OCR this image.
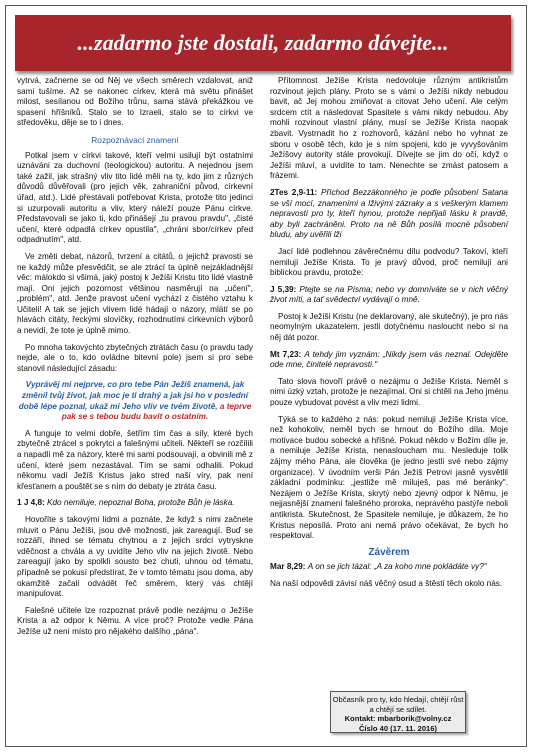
...zadarmo jste dostali, zadarmo dávejte...

vytrvá, začneme se od Něj ve všech směrech vzdalovat, aniž sami tušíme. Až se nakonec církev, která má světu přinášet milost, sesílanou od Božího trůnu, sama stává překážkou ve spasení hříšníků. Stalo se to Izraeli, stalo se to církvi ve středověku, děje se to i dnes.

Rozpoznávací znamení

Potkal jsem v církvi takové, kteří velmi usilují být ostatními uznáváni za duchovní (teologickou) autoritu. A nejednou jsem také zažil, jak strašný vliv tito lidé měli na ty, kdo jim z různých důvodů důvěřovali (pro jejich věk, zahraniční původ, církevní úřad, atd.). Lidé přestávali potřebovat Krista, protože tito jedinci si uzurpovali autoritu a vliv, který náleží pouze Pánu církve. Představovali se jako ti, kdo přinášejí „tu pravou pravdu", „čisté učení, které odpadlá církev opustila", „chráni sbor/církev před odpadnutím", atd.

Ve změti debat, názorů, tvrzení a citátů, o jejichž pravosti se ne každý může přesvědčit, se ale ztrácí ta úplně nejzákladnější věc: málokdo si všimá, jaký postoj k Ježíši Kristu tito lidé vlastně mají. Oni jejich pozornost většinou nasměrují na „učení", „problém", atd. Jenže pravost učení vychází z čistého vztahu k Učiteli! A tak se jejich vlivem lidé hádají o názory, mlátí se po hlavách citáty, řeckými slovíčky, rozhodnutími církevních výborů a nevidí, že tote je úplně mimo.

Po mnoha takovýchto zbytečných ztrátách času (o pravdu tady nejde, ale o to, kdo ovládne bitevní pole) jsem si pro sebe stanovil následující zásadu:

Vyprávěj mi nejprve, co pro tebe Pán Ježíš znamená, jak změnil tvůj život, jak moc je ti drahý a jak jsi ho v poslední době lépe poznal, ukaž mi Jeho vliv ve tvém životě, a teprve pak se s tebou budu bavit o ostatním.

A funguje to velmi dobře, šetřím tím čas a síly, které bych zbytečně ztrácel s pokrytci a falešnými učiteli. Někteří se rozčílili a napadli mě za názory, které mi sami podsouvají, a obvinili mě z učení, které jsem nezastával. Tím se sami odhalili. Pokud někomu vadí Ježíš Kristus jako stred naší víry, pak není křesťanem a pouštět se s ním do debaty je ztráta času.

1 J 4,8: Kdo nemiluje, nepoznal Boha, protože Bůh je láska.

Hovoříte s takovými lidmi a poznáte, že když s nimi začnete mluvit o Pánu Ježíši, jsou dvě možnosti, jak zareagují. Buď se rozzáří, ihned se tématu chytnou a z jejich srdcí vytryskne vděčnost a chvála a vy uvidíte Jeho vliv na jejich životě. Nebo zareagují jako by spolkli sousto bez chuti, uhnou od tématu, případně se pokusí předstírat, že v tomto tématu jsou doma, aby okamžitě začali odvádět řeč směrem, který vás chtějí manipulovat.

Falešné učitele lze rozpoznat právě podle nezájmu o Ježíše Krista a až odpor k Němu. A více proč? Protože vedle Pána Ježíše už není místo pro nějakého dalšího „pána".

Přítomnost Ježíše Krista nedovoluje různým antikristům rozvinout jejich plány. Proto se s vámi o Ježíši nikdy nebudou bavit, ač Jej mohou zmiňovat a citovat Jeho učení. Ale celým srdcem ctít a následovat Spasitele s vámi nikdy nebudou. Aby mohli rozvinout vlastní plány, musí se Ježíše Krista naopak zbavit. Vystrnadit ho z rozhovorů, kázání nebo ho vyhnat ze sboru v osobě těch, kdo je s ním spojeni, kdo je vyvyšováním Ježíšovy autority stále provokují. Dívejte se jim do očí, když o Ježíši mluví, a uvidíte to tam. Nenechte se zmást patosem a frázemi.

2Tes 2,9-11: Příchod Bezzákonného je podle působení Satana se vší mocí, znameními a lživými zázraky a s veškerým klamem nepravosti pro ty, kteří hynou, protože nepřijali lásku k pravdě, aby byli zachráněni. Proto na ně Bůh posílá mocné působení bludu, aby uvěřili lži

Jací lidé podlehnou závěrečnému dílu podvodu? Takoví, kteří nemilují Ježíše Krista. To je pravý důvod, proč nemilují ani biblickou pravdu, protože:

J 5,39: Ptejte se na Písma; nebo vy domníváte se v nich věčný život míti, a tať svědectví vydávají o mně.

Postoj k Ježíši Kristu (ne deklarovaný, ale skutečný), je pro nás neomylným ukazatelem, jestli dotyčnému nasloucht nebo si na něj dát pozor.

Mt 7,23: A tehdy jim vyznám: „Nikdy jsem vás neznal. Odejděte ode mne, činitelé nepravosti."

Tato slova hovoří právě o nezájmu o Ježíše Krista. Neměl s nimi úzký vztah, protože je nezajímal. Oni si chtěli na Jeho jménu pouze vybudovat povést a vliv mezi lidmi.

Týká se to každého z nás: pokud nemiluji Ježíše Krista více, než kohokoliv, neměl bych se hrnout do Božího díla. Moje motivace budou sobecké a hříšné. Pokud někdo v Božím díle je, a nemiluje Ježíše Krista, nenasloucham mu. Nesleduje tolik zájmy mého Pána, ale člověka (je jedno jestli své nebo zájmy organizace). V úvodním verši Pán Ježíš Petrovi jasně vysvětlil základní podmínku: „jestliže mě miluješ, pas mé beránky". Nezájem o Ježíše Krista, skrytý nebo zjevný odpor k Němu, je nejjasnější znamení falešného proroka, nepravého pastýře neboli antikrista. Skutečnost, že Spasitele nemiluje, je důkazem, že ho Kristus neposílá. Proto ani nemá právo očekávat, že bych ho respektoval.

Závěrem

Mar 8,29: A on se jich tázal: „A za koho mne pokládáte vy?"

Na naší odpovědi závisí náš věčný osud a štěstí těch okolo nás.

Občasník pro ty, kdo hledají, chtějí růst
a chtějí se sdílet.
Kontakt: mbarborik@volny.cz
Číslo 40 (17. 11. 2016)
